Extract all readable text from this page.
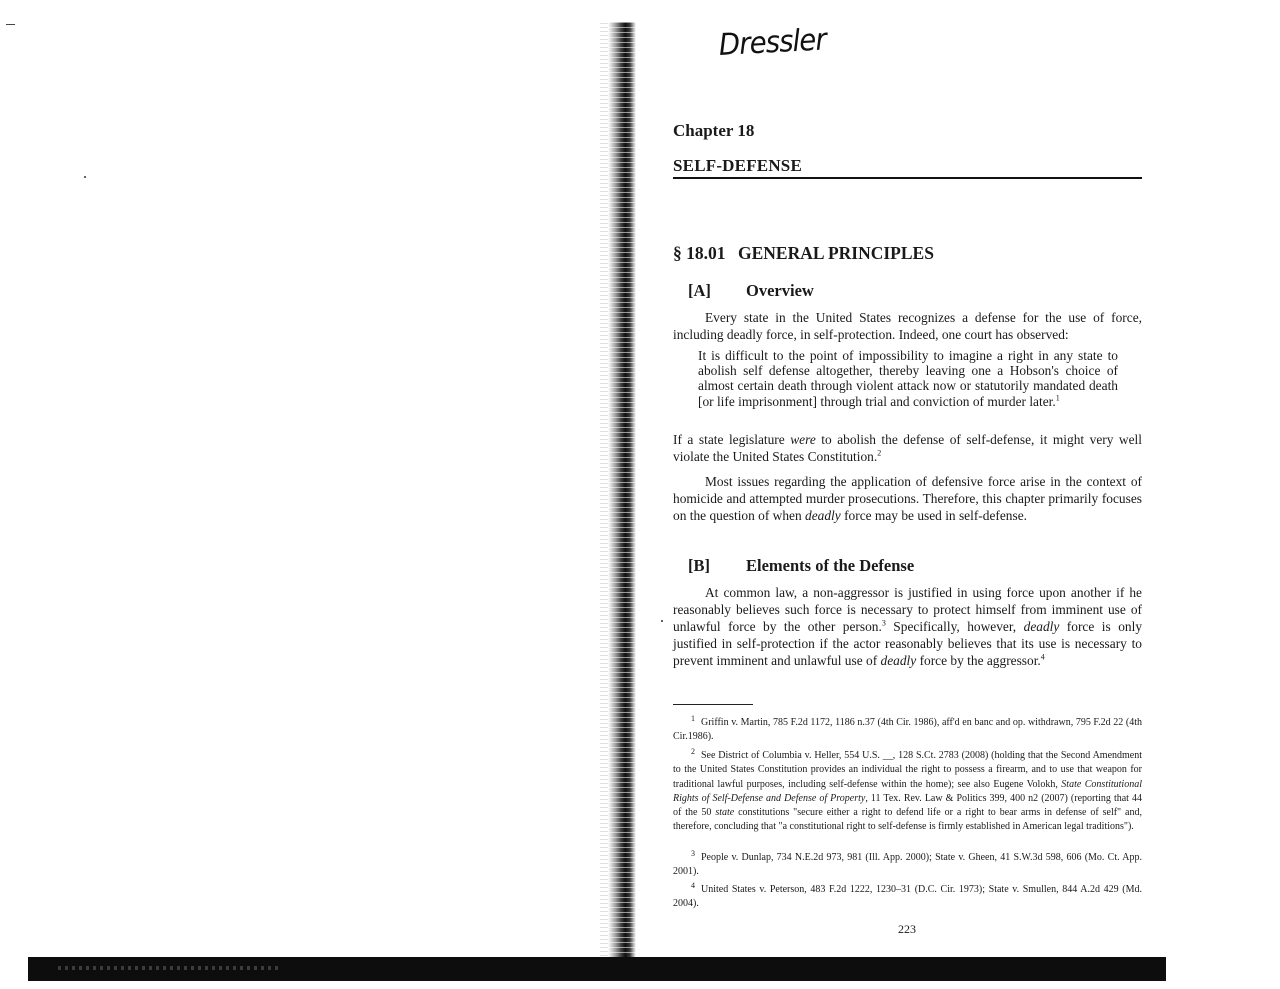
Dressler
Chapter 18
SELF-DEFENSE
§ 18.01 GENERAL PRINCIPLES
[A] Overview

Every state in the United States recognizes a defense for the use of force, including deadly force, in self-protection. Indeed, one court has observed:

It is difficult to the point of impossibility to imagine a right in any state to abolish self defense altogether, thereby leaving one a Hobson's choice of almost certain death through violent attack now or statutorily mandated death [or life imprisonment] through trial and conviction of murder later.$^1$

If a state legislature were to abolish the defense of self-defense, it might very well violate the United States Constitution.$^2$

Most issues regarding the application of defensive force arise in the context of homicide and attempted murder prosecutions. Therefore, this chapter primarily focuses on the question of when deadly force may be used in self-defense.

[B] Elements of the Defense

At common law, a non-aggressor is justified in using force upon another if he reasonably believes such force is necessary to protect himself from imminent use of unlawful force by the other person.$^3$ Specifically, however, deadly force is only justified in self-protection if the actor reasonably believes that its use is necessary to prevent imminent and unlawful use of deadly force by the aggressor.$^4$

1 Griffin v. Martin, 785 F.2d 1172, 1186 n.37 (4th Cir. 1986), aff'd en banc and op. withdrawn, 795 F.2d 22 (4th Cir.1986).

2 See District of Columbia v. Heller, 554 U.S. __, 128 S.Ct. 2783 (2008) (holding that the Second Amendment to the United States Constitution provides an individual the right to possess a firearm, and to use that weapon for traditional lawful purposes, including self-defense within the home); see also Eugene Volokh, State Constitutional Rights of Self-Defense and Defense of Property, 11 Tex. Rev. Law & Politics 399, 400 n2 (2007) (reporting that 44 of the 50 state constitutions "secure either a right to defend life or a right to bear arms in defense of self" and, therefore, concluding that "a constitutional right to self-defense is firmly established in American legal traditions").

3 People v. Dunlap, 734 N.E.2d 973, 981 (Ill. App. 2000); State v. Gheen, 41 S.W.3d 598, 606 (Mo. Ct. App. 2001).

4 United States v. Peterson, 483 F.2d 1222, 1230–31 (D.C. Cir. 1973); State v. Smullen, 844 A.2d 429 (Md. 2004).

223
